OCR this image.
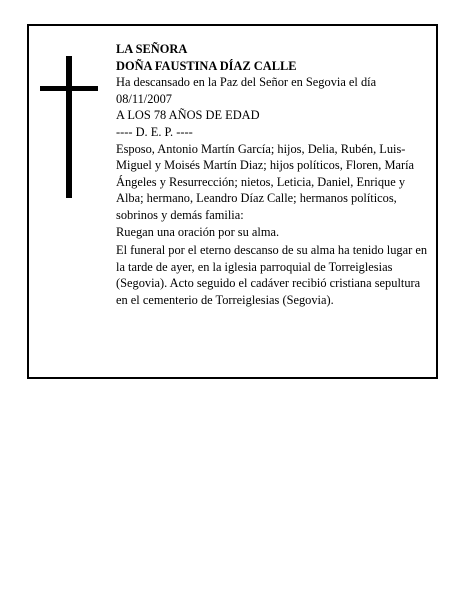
LA SEÑORA

DOÑA FAUSTINA DÍAZ CALLE

Ha descansado en la Paz del Señor en Segovia el día 08/11/2007

A LOS 78 AÑOS DE EDAD

---- D. E. P. ----

Esposo, Antonio Martín García; hijos, Delia, Rubén, Luis-Miguel y Moisés Martín Diaz; hijos políticos, Floren, María Ángeles y Resurrección; nietos, Leticia, Daniel, Enrique y Alba; hermano, Leandro Díaz Calle; hermanos políticos, sobrinos y demás familia:

Ruegan una oración por su alma.

El funeral por el eterno descanso de su alma ha tenido lugar en la tarde de ayer, en la iglesia parroquial de Torreiglesias (Segovia). Acto seguido el cadáver recibió cristiana sepultura en el cementerio de Torreiglesias (Segovia).
